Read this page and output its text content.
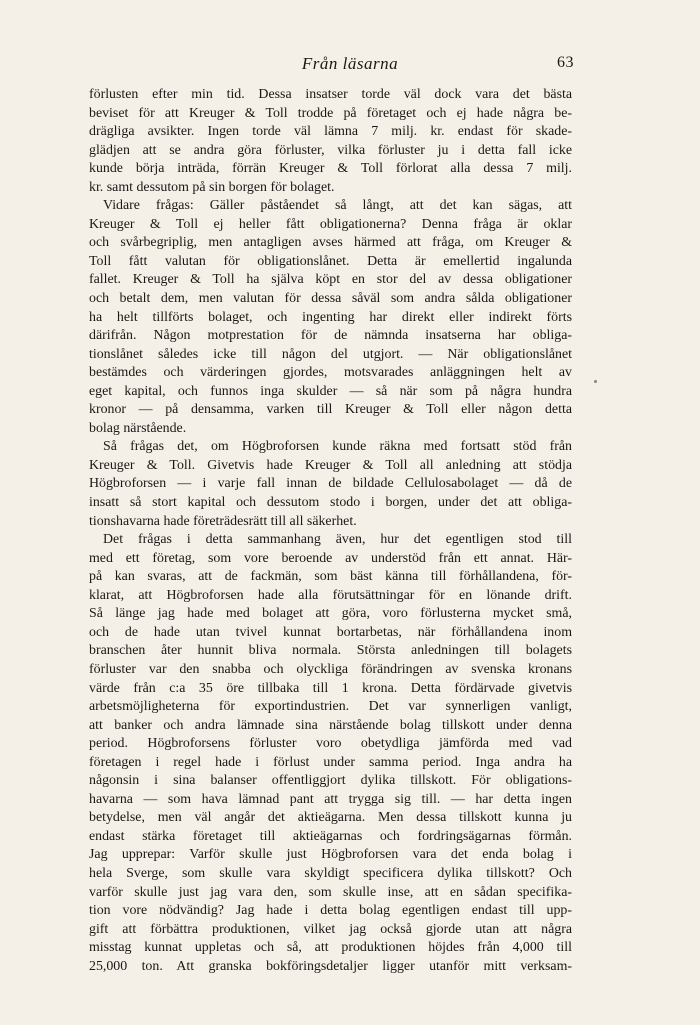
Från läsarna	63
förlusten efter min tid. Dessa insatser torde väl dock vara det bästa
beviset för att Kreuger & Toll trodde på företaget och ej hade några be-
drägliga avsikter. Ingen torde väl lämna 7 milj. kr. endast för skade-
glädjen att se andra göra förluster, vilka förluster ju i detta fall icke
kunde börja inträda, förrän Kreuger & Toll förlorat alla dessa 7 milj.
kr. samt dessutom på sin borgen för bolaget.
Vidare frågas: Gäller påståendet så långt, att det kan sägas, att
Kreuger & Toll ej heller fått obligationerna? Denna fråga är oklar
och svårbegriplig, men antagligen avses härmed att fråga, om Kreuger &
Toll fått valutan för obligationslånet. Detta är emellertid ingalunda
fallet. Kreuger & Toll ha själva köpt en stor del av dessa obligationer
och betalt dem, men valutan för dessa såväl som andra sålda obligationer
ha helt tillförts bolaget, och ingenting har direkt eller indirekt förts
därifrån. Någon motprestation för de nämnda insatserna har obliga-
tionslånet således icke till någon del utgjort. — När obligationslånet
bestämdes och värderingen gjordes, motsvarades anläggningen helt av
eget kapital, och funnos inga skulder — så när som på några hundra
kronor — på densamma, varken till Kreuger & Toll eller någon detta
bolag närstående.
Så frågas det, om Högbroforsen kunde räkna med fortsatt stöd från
Kreuger & Toll. Givetvis hade Kreuger & Toll all anledning att stödja
Högbroforsen — i varje fall innan de bildade Cellulosabolaget — då de
insatt så stort kapital och dessutom stodo i borgen, under det att obliga-
tionshavarna hade företrädesrätt till all säkerhet.
Det frågas i detta sammanhang även, hur det egentligen stod till
med ett företag, som vore beroende av understöd från ett annat. Här-
på kan svaras, att de fackmän, som bäst känna till förhållandena, för-
klarat, att Högbroforsen hade alla förutsättningar för en lönande drift.
Så länge jag hade med bolaget att göra, voro förlusterna mycket små,
och de hade utan tvivel kunnat bortarbetas, när förhållandena inom
branschen åter hunnit bliva normala. Största anledningen till bolagets
förluster var den snabba och olyckliga förändringen av svenska kronans
värde från c:a 35 öre tillbaka till 1 krona. Detta fördärvade givetvis
arbetsmöjligheterna för exportindustrien. Det var synnerligen vanligt,
att banker och andra lämnade sina närstående bolag tillskott under denna
period. Högbroforsens förluster voro obetydliga jämförda med vad
företagen i regel hade i förlust under samma period. Inga andra ha
någonsin i sina balanser offentliggjort dylika tillskott. För obligations-
havarna — som hava lämnad pant att trygga sig till. — har detta ingen
betydelse, men väl angår det aktieägarna. Men dessa tillskott kunna ju
endast stärka företaget till aktieägarnas och fordringsägarnas förmån.
Jag upprepar: Varför skulle just Högbroforsen vara det enda bolag i
hela Sverge, som skulle vara skyldigt specificera dylika tillskott? Och
varför skulle just jag vara den, som skulle inse, att en sådan specifika-
tion vore nödvändig? Jag hade i detta bolag egentligen endast till upp-
gift att förbättra produktionen, vilket jag också gjorde utan att några
misstag kunnat uppletas och så, att produktionen höjdes från 4,000 till
25,000 ton. Att granska bokföringsdetaljer ligger utanför mitt verksam-
